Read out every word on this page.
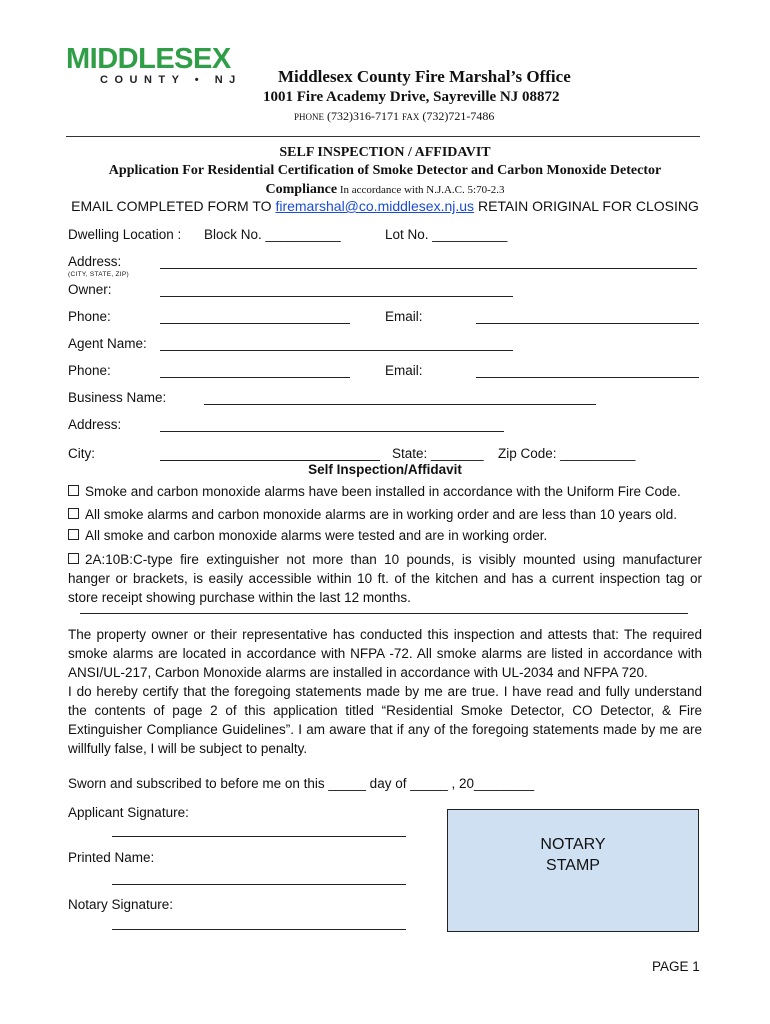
MIDDLESEX
COUNTY • NJ Middlesex County Fire Marshal’s Office
1001 Fire Academy Drive, Sayreville NJ 08872
PHONE (732)316-7171 FAX (732)721-7486
SELF INSPECTION / AFFIDAVIT
Application For Residential Certification of Smoke Detector and Carbon Monoxide Detector
Compliance In accordance with N.J.A.C. 5:70-2.3
EMAIL COMPLETED FORM TO firemarshal@co.middlesex.nj.us RETAIN ORIGINAL FOR CLOSING
Dwelling Location : Block No. __________	Lot No. __________
Address:
(CITY, STATE, ZIP)
Owner:
Phone:	Email:
Agent Name:
Phone:	Email:
Business Name:
Address:
City:	State: _______ Zip Code: __________
Self Inspection/Affidavit
Smoke and carbon monoxide alarms have been installed in accordance with the Uniform Fire Code.
All smoke alarms and carbon monoxide alarms are in working order and are less than 10 years old.
All smoke and carbon monoxide alarms were tested and are in working order.
2A:10B:C-type fire extinguisher not more than 10 pounds, is visibly mounted using manufacturer hanger or brackets, is easily accessible within 10 ft. of the kitchen and has a current inspection tag or store receipt showing purchase within the last 12 months.
The property owner or their representative has conducted this inspection and attests that: The required smoke alarms are located in accordance with NFPA -72. All smoke alarms are listed in accordance with ANSI/UL-217, Carbon Monoxide alarms are installed in accordance with UL-2034 and NFPA 720.
I do hereby certify that the foregoing statements made by me are true. I have read and fully understand the contents of page 2 of this application titled “Residential Smoke Detector, CO Detector, & Fire Extinguisher Compliance Guidelines”. I am aware that if any of the foregoing statements made by me are willfully false, I will be subject to penalty.
Sworn and subscribed to before me on this _____ day of _____ , 20________
Applicant Signature:
Printed Name:
Notary Signature:
NOTARY
STAMP
PAGE 1
